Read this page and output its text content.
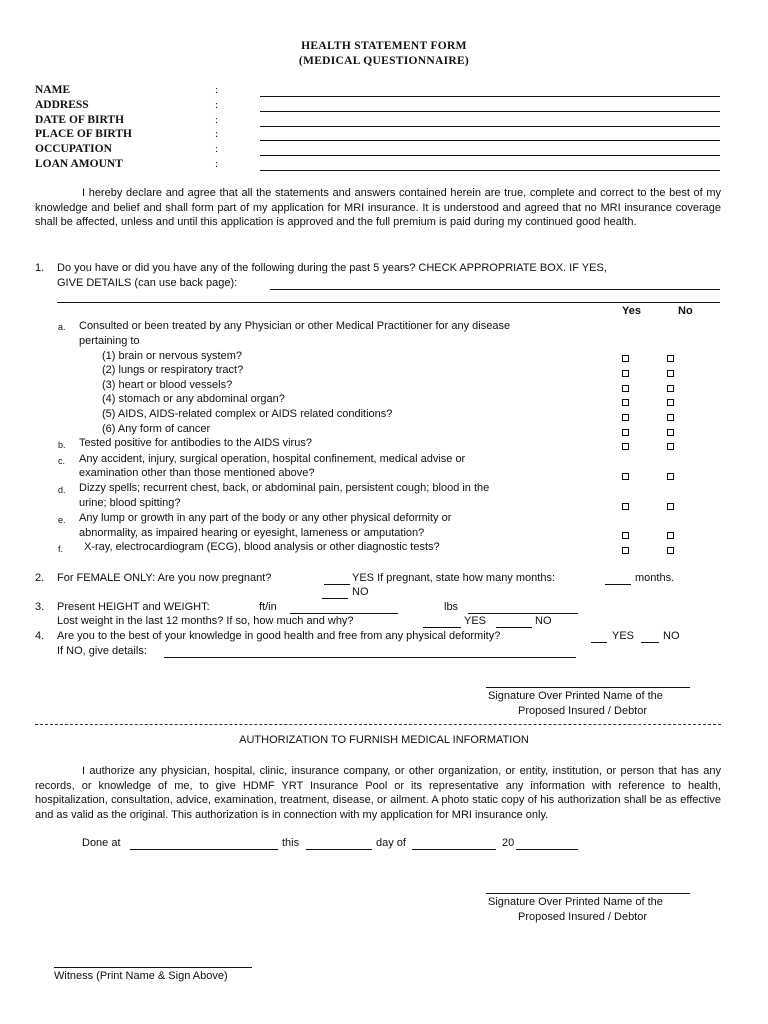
HEALTH STATEMENT FORM
(MEDICAL QUESTIONNAIRE)
NAME	:
ADDRESS	:
DATE OF BIRTH	:
PLACE OF BIRTH	:
OCCUPATION	:
LOAN AMOUNT	:
I hereby declare and agree that all the statements and answers contained herein are true, complete and correct to the best of my knowledge and belief and shall form part of my application for MRI insurance. It is understood and agreed that no MRI insurance coverage shall be affected, unless and until this application is approved and the full premium is paid during my continued good health.
1. Do you have or did you have any of the following during the past 5 years? CHECK APPROPRIATE BOX. IF YES,
GIVE DETAILS (can use back page):
Yes	No
a. Consulted or been treated by any Physician or other Medical Practitioner for any disease
pertaining to
(1) brain or nervous system?
(2) lungs or respiratory tract?
(3) heart or blood vessels?
(4) stomach or any abdominal organ?
(5) AIDS, AIDS-related complex or AIDS related conditions?
(6) Any form of cancer
b. Tested positive for antibodies to the AIDS virus?
c. Any accident, injury, surgical operation, hospital confinement, medical advise or
examination other than those mentioned above?
d. Dizzy spells; recurrent chest, back, or abdominal pain, persistent cough; blood in the
urine; blood spitting?
e. Any lump or growth in any part of the body or any other physical deformity or
abnormality, as impaired hearing or eyesight, lameness or amputation?
f. X-ray, electrocardiogram (ECG), blood analysis or other diagnostic tests?
2. For FEMALE ONLY: Are you now pregnant?	YES If pregnant, state how many months:	months.
NO
3. Present HEIGHT and WEIGHT:	ft/in	lbs
Lost weight in the last 12 months? If so, how much and why?	YES	NO
4. Are you to the best of your knowledge in good health and free from any physical deformity?	YES	NO
If NO, give details:
Signature Over Printed Name of the
Proposed Insured / Debtor
AUTHORIZATION TO FURNISH MEDICAL INFORMATION
I authorize any physician, hospital, clinic, insurance company, or other organization, or entity, institution, or person that has any records, or knowledge of me, to give HDMF YRT Insurance Pool or its representative any information with reference to health, hospitalization, consultation, advice, examination, treatment, disease, or ailment. A photo static copy of his authorization shall be as effective and as valid as the original. This authorization is in connection with my application for MRI insurance only.
Done at	this	day of	20
Signature Over Printed Name of the
Proposed Insured / Debtor
Witness (Print Name & Sign Above)
